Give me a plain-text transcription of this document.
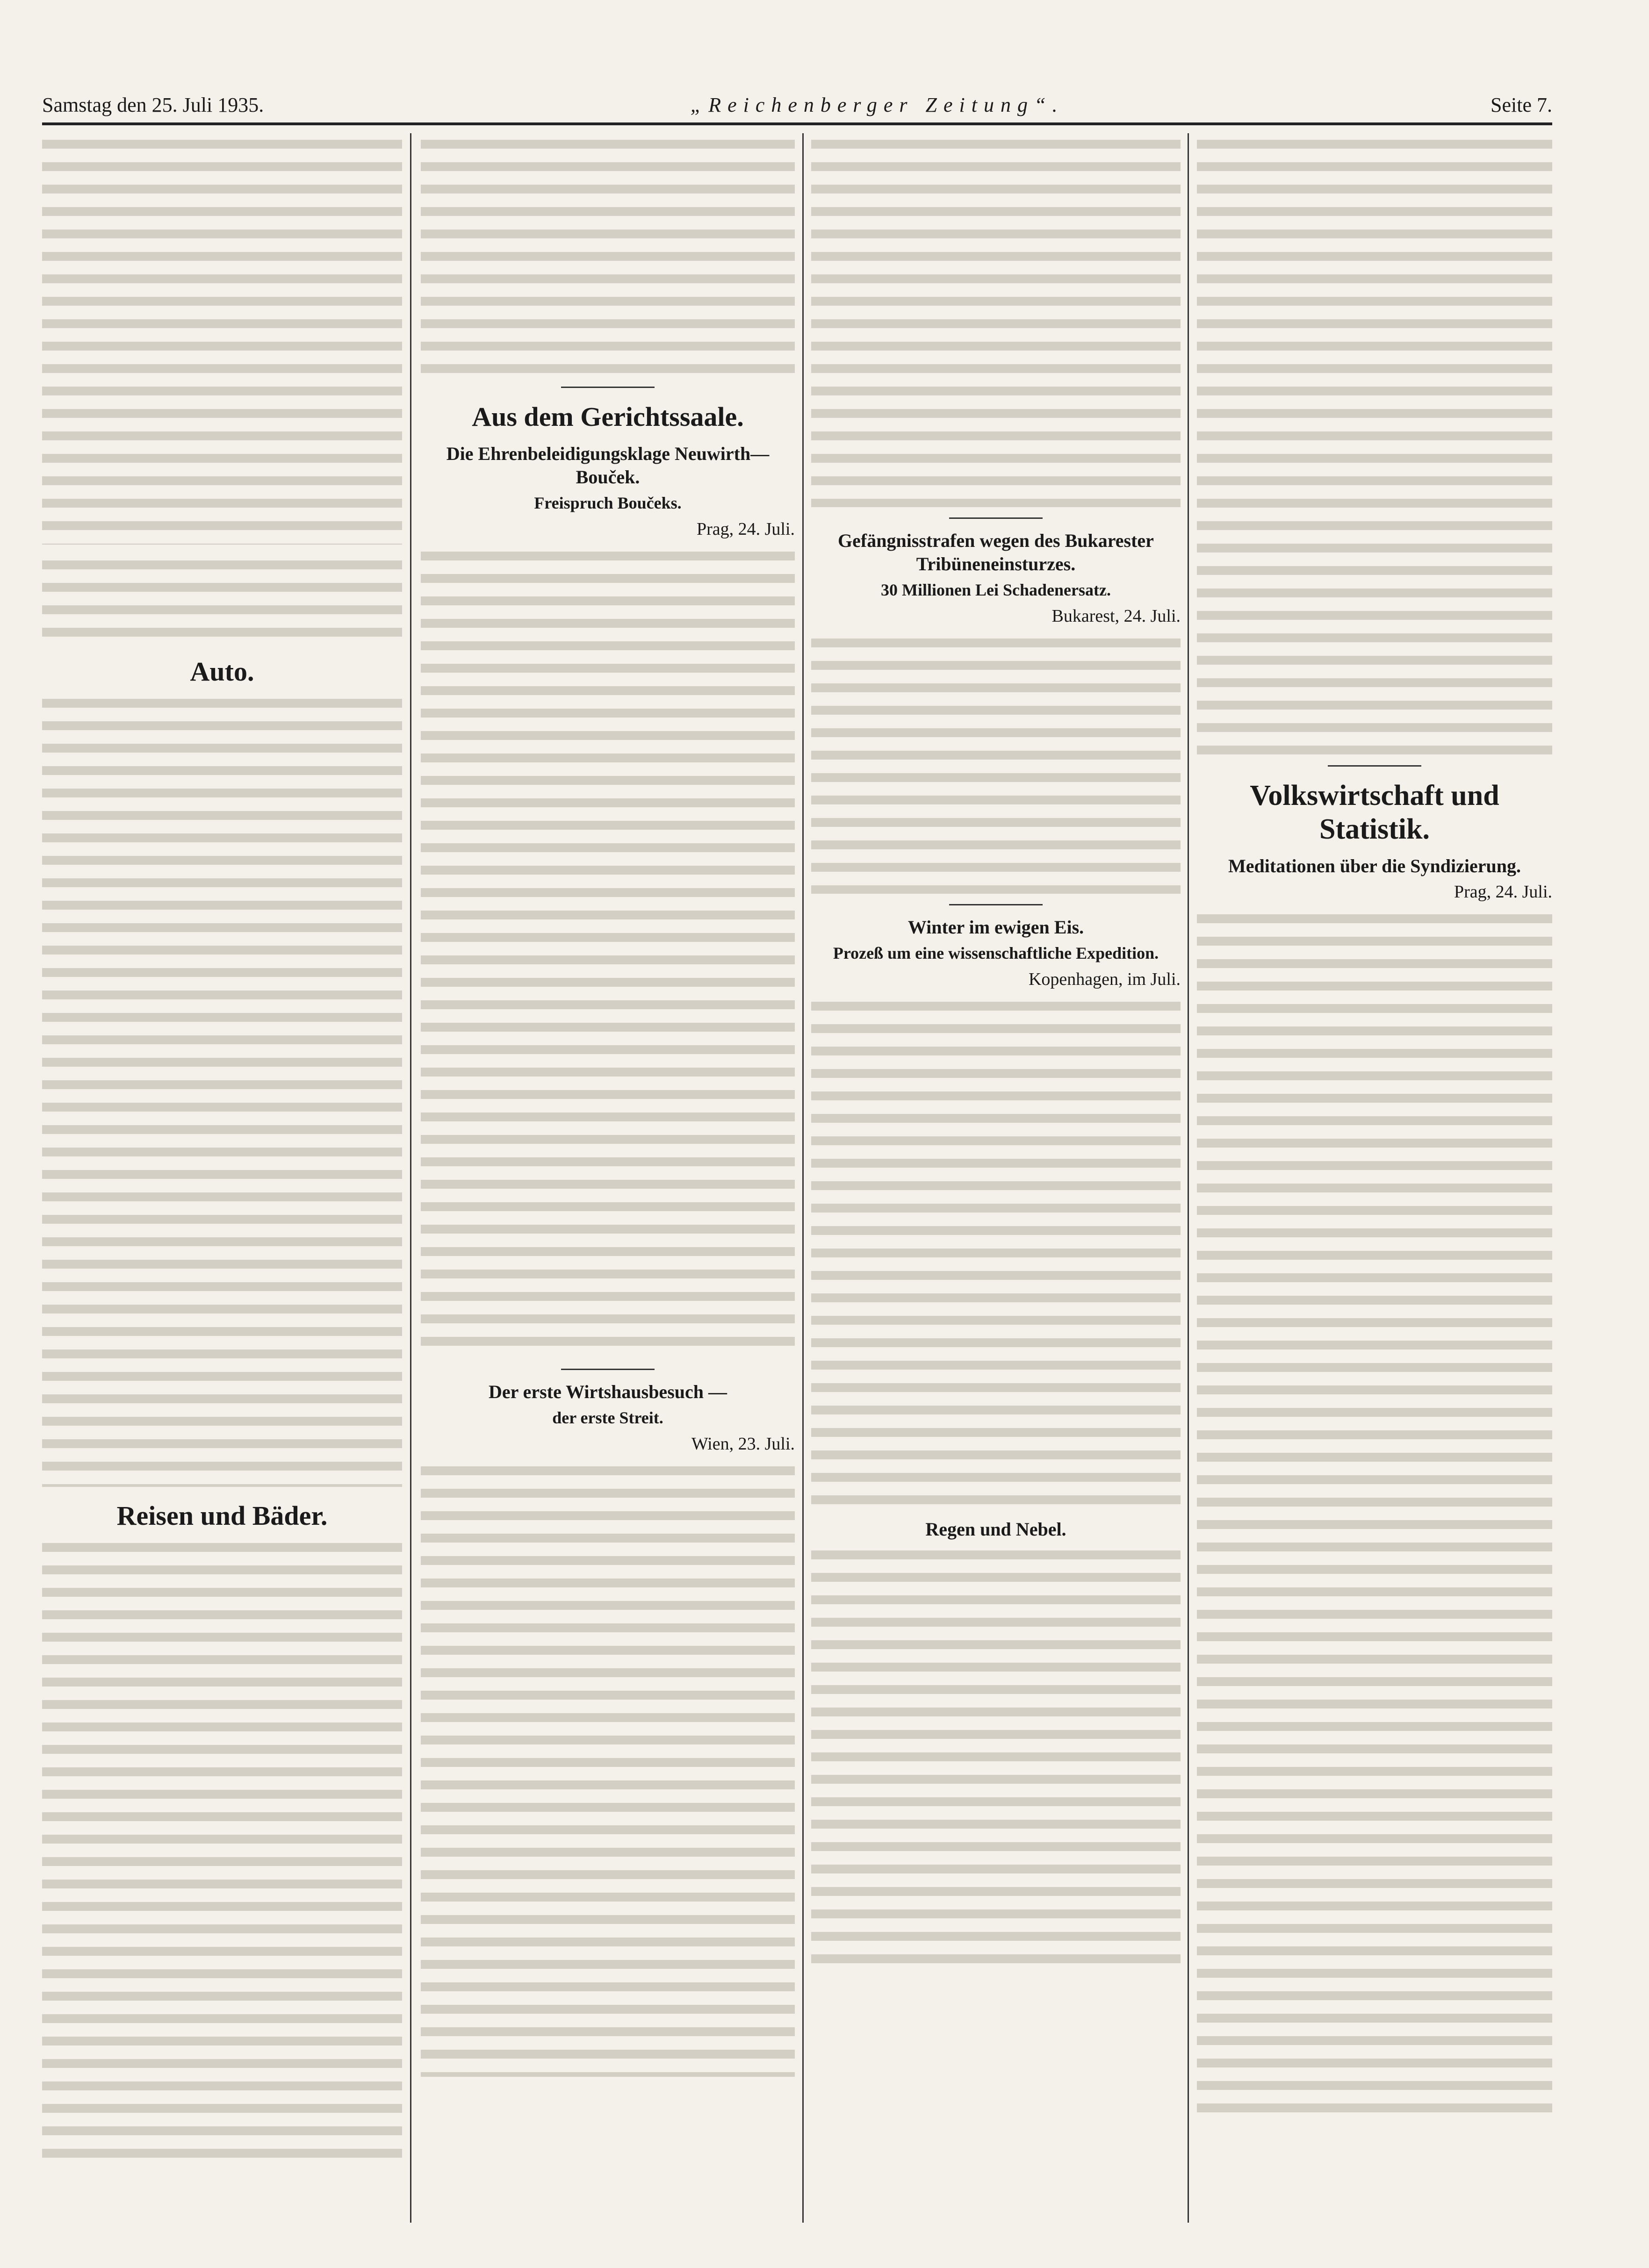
Samstag den 25. Juli 1935.	„Reichenberger Zeitung“.	Seite 7.
Auto.
Reisen und Bäder.
Aus dem Gerichtssaale.
Die Ehrenbeleidigungsklage Neuwirth—Bouček.
Freispruch Boučeks.
Prag, 24. Juli.
Der erste Wirtshausbesuch —
der erste Streit.
Wien, 23. Juli.
Gefängnisstrafen wegen des Bukarester Tribüneneinsturzes.
30 Millionen Lei Schadenersatz.
Bukarest, 24. Juli.
Winter im ewigen Eis.
Prozeß um eine wissenschaftliche Expedition.
Kopenhagen, im Juli.
Regen und Nebel.
Volkswirtschaft und Statistik.
Meditationen über die Syndizierung.
Prag, 24. Juli.
